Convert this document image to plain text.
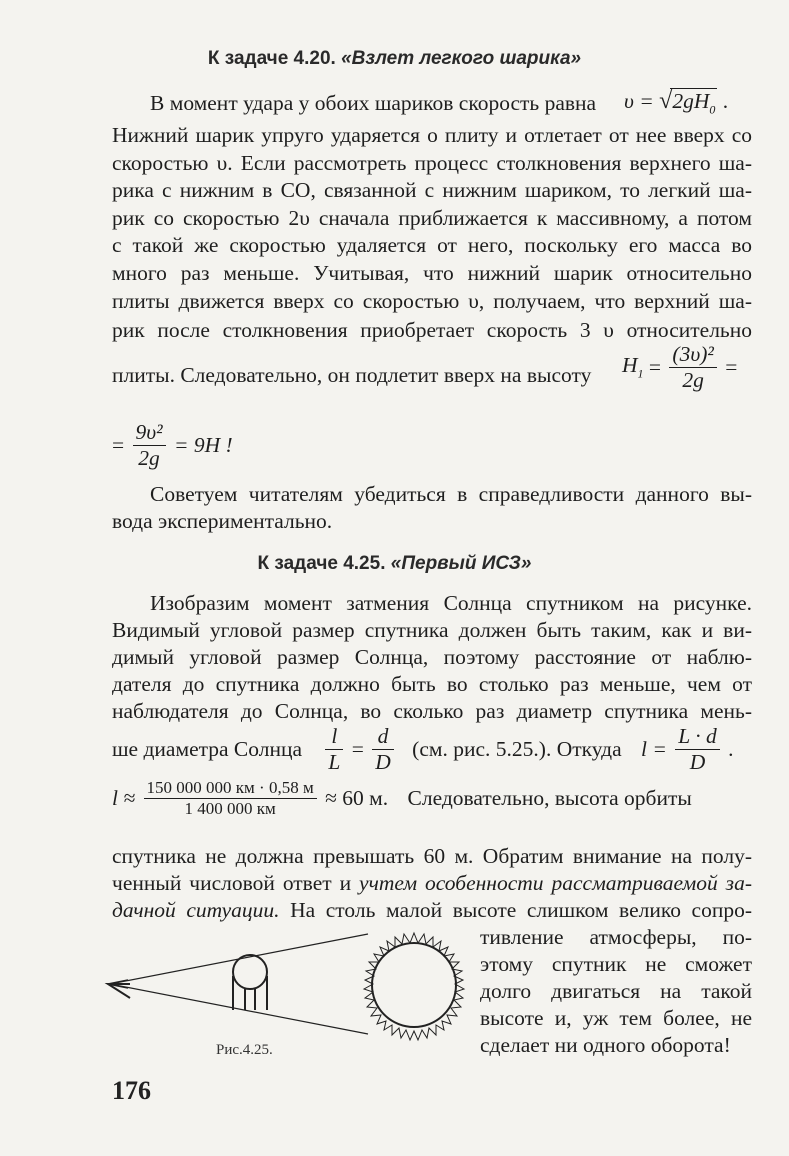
К задаче 4.20. «Взлет легкого шарика»
В момент удара у обоих шариков скорость равна	$\upsilon = √2gH_0$ .
Нижний шарик упруго ударяется о плиту и отлетает от нее вверх со
скоростью υ. Если рассмотреть процесс столкновения верхнего ша-
рика с нижним в СО, связанной с нижним шариком, то легкий ша-
рик со скоростью 2υ сначала приближается к массивному, а потом
с такой же скоростью удаляется от него, поскольку его масса во
много раз меньше. Учитывая, что нижний шарик относительно
плиты движется вверх со скоростью υ, получаем, что верхний ша-
рик после столкновения приобретает скорость 3 υ относительно
плиты. Следовательно, он подлетит вверх на высоту	$H_1 = \frac{\text{(3υ)²}}{2g}$ =
= $\frac{\text{9υ²}}{2g} = 9H$ !
Советуем читателям убедиться в справедливости данного вы-
вода экспериментально.
К задаче 4.25. «Первый ИСЗ»
Изобразим момент затмения Солнца спутником на рисунке.
Видимый угловой размер спутника должен быть таким, как и ви-
димый угловой размер Солнца, поэтому расстояние от наблю-
дателя до спутника должно быть во столько раз меньше, чем от
наблюдателя до Солнца, во сколько раз диаметр спутника мень-
ше диаметра Солнца $\frac{l}{L} = \frac{d}{D} (см$. рис. 5.25.). Откуда $l = \frac{L \cdot d}{D}$ .
$l \approx \frac{150 000 000 км \cdot 0,58 м}{1 400 000 км} \approx 60$ м. Следовательно, высота орбиты
спутника не должна превышать 60 м. Обратим внимание на полу-
ченный числовой ответ и учтем особенности рассматриваемой за-
дачной ситуации. На столь малой высоте слишком велико сопро-
тивление атмосферы, по-
этому спутник не сможет
долго двигаться на такой
высоте и, уж тем более, не
сделает ни одного оборота!
Рис.4.25.
176
